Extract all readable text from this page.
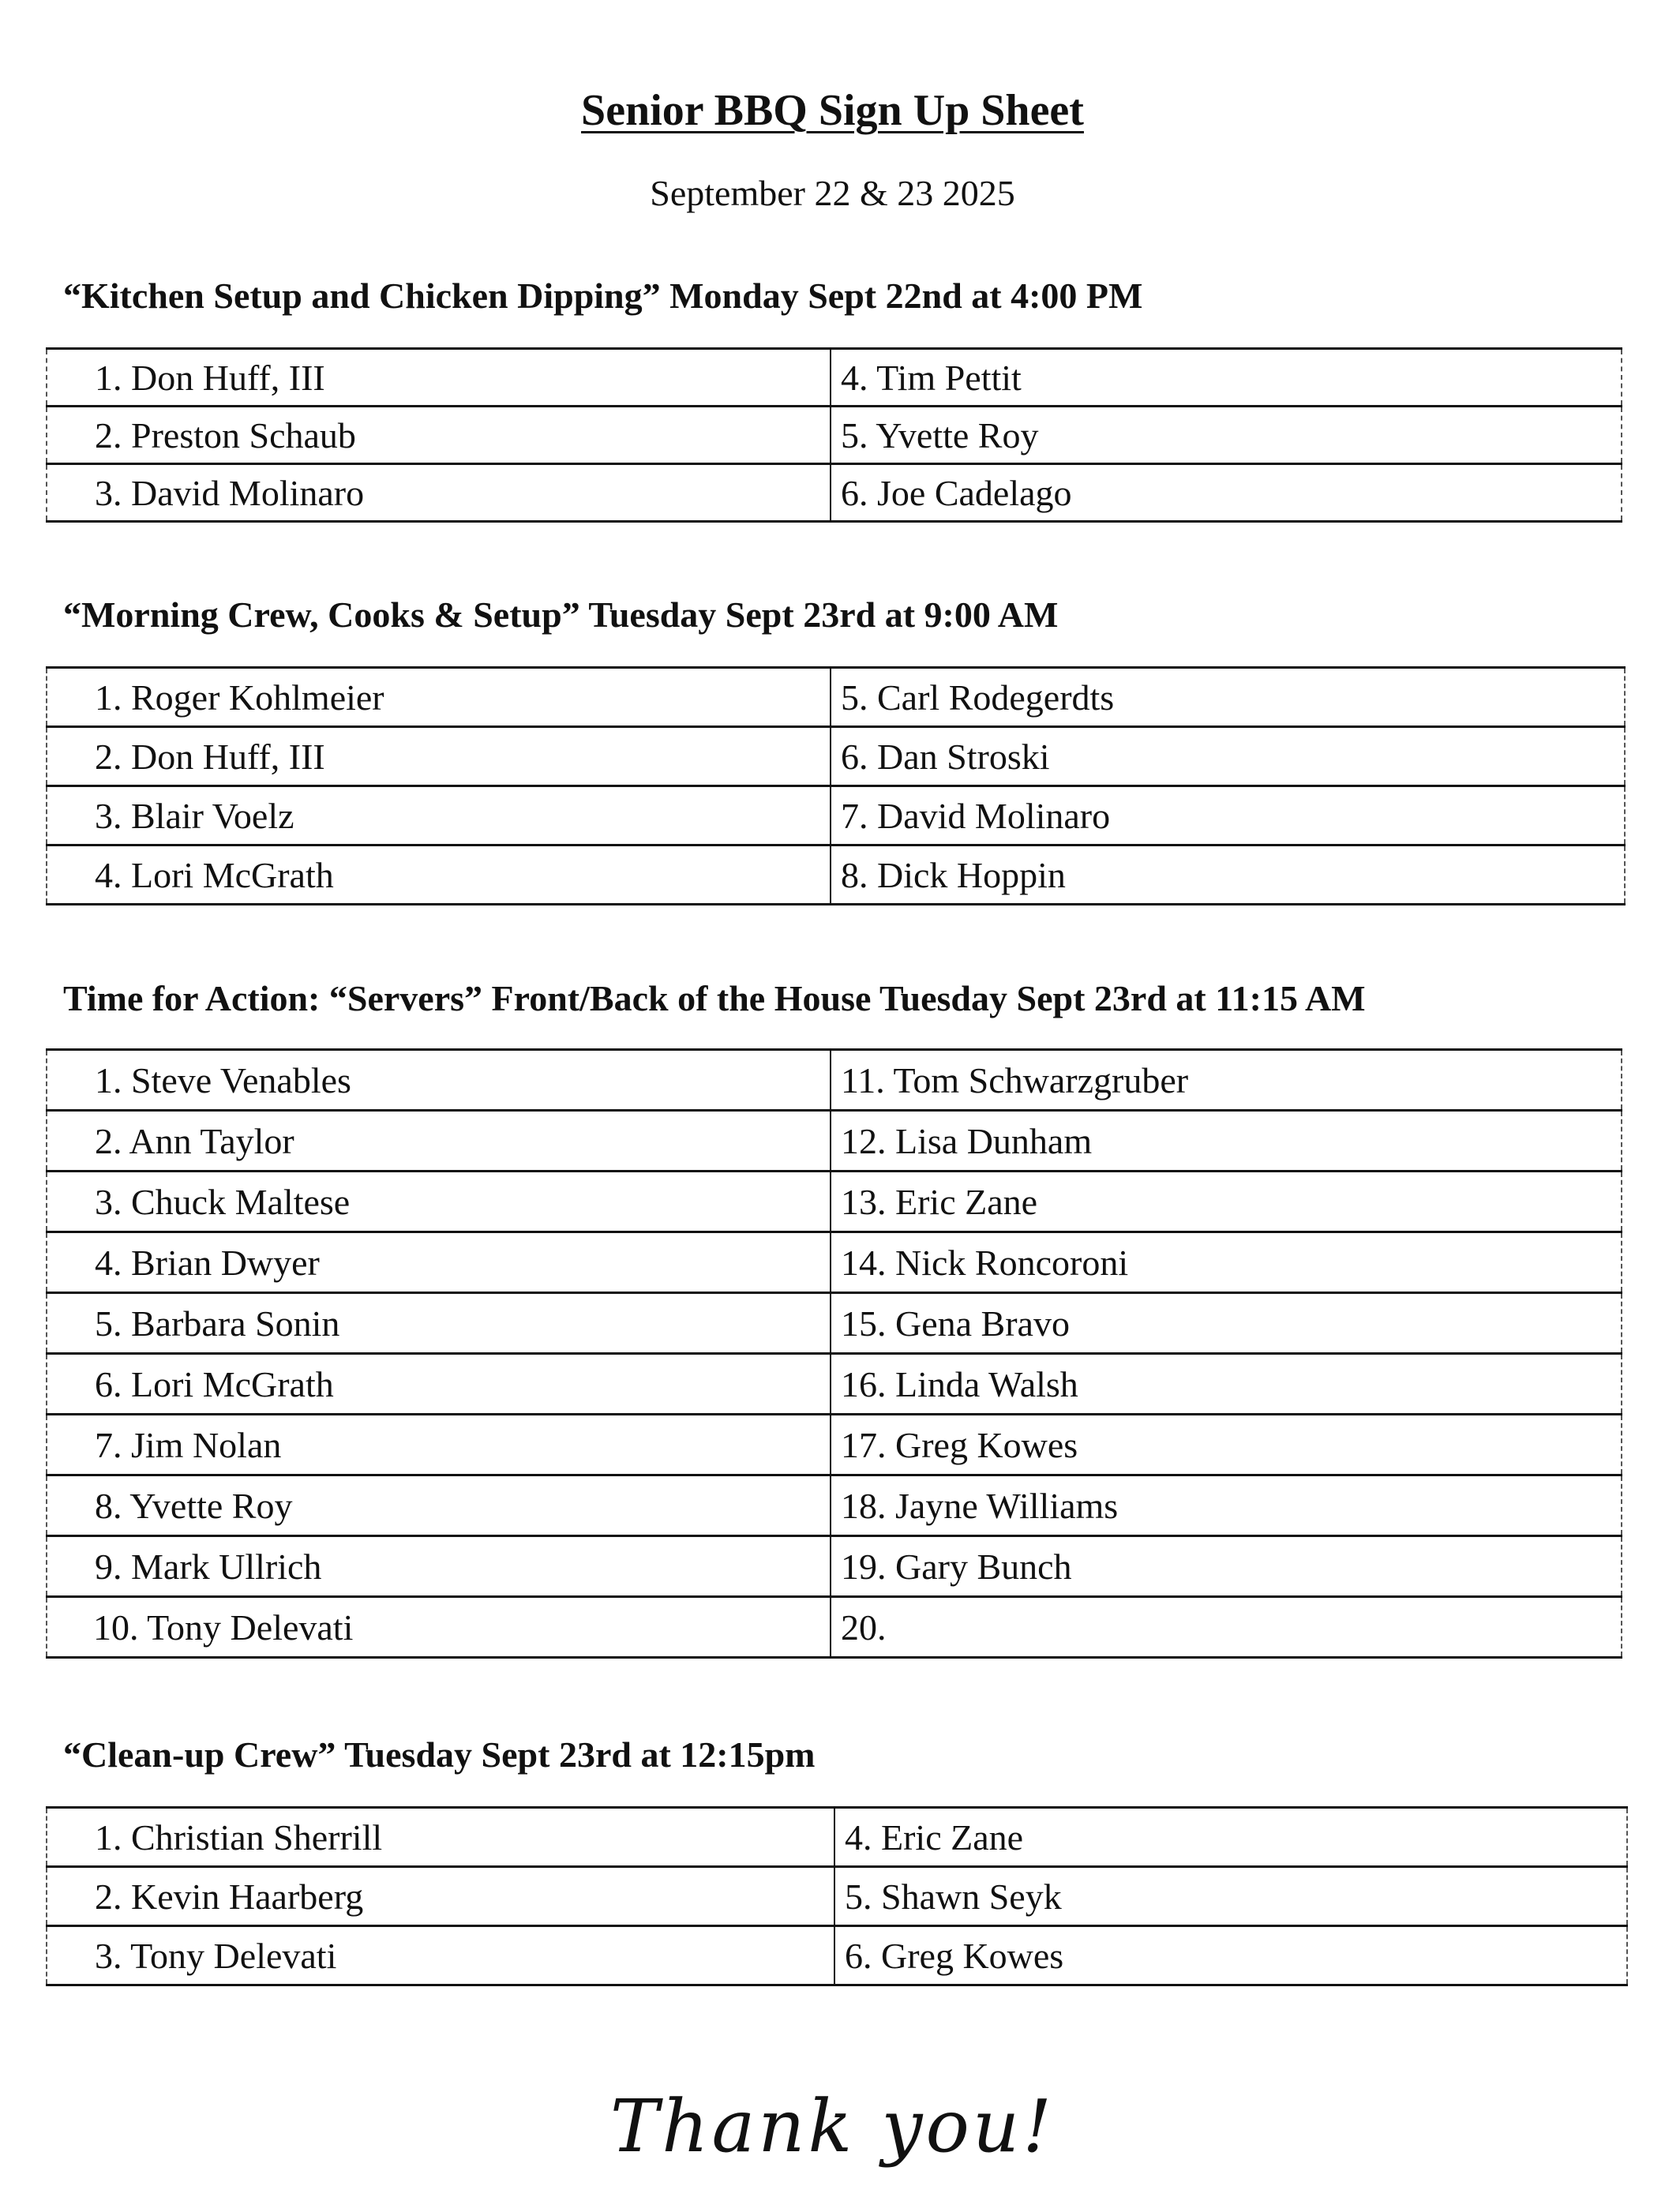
Senior BBQ Sign Up Sheet
September 22 & 23 2025
“Kitchen Setup and Chicken Dipping” Monday Sept 22nd at 4:00 PM
1. Don Huff, III	4. Tim Pettit
2. Preston Schaub	5. Yvette Roy
3. David Molinaro	6. Joe Cadelago
“Morning Crew, Cooks & Setup” Tuesday Sept 23rd at 9:00 AM
1. Roger Kohlmeier	5. Carl Rodegerdts
2. Don Huff, III	6. Dan Stroski
3. Blair Voelz	7. David Molinaro
4. Lori McGrath	8. Dick Hoppin
Time for Action: “Servers” Front/Back of the House Tuesday Sept 23rd at 11:15 AM
1. Steve Venables	11. Tom Schwarzgruber
2. Ann Taylor	12. Lisa Dunham
3. Chuck Maltese	13. Eric Zane
4. Brian Dwyer	14. Nick Roncoroni
5. Barbara Sonin	15. Gena Bravo
6. Lori McGrath	16. Linda Walsh
7. Jim Nolan	17. Greg Kowes
8. Yvette Roy	18. Jayne Williams
9. Mark Ullrich	19. Gary Bunch
10. Tony Delevati	20.
“Clean-up Crew” Tuesday Sept 23rd at 12:15pm
1. Christian Sherrill	4. Eric Zane
2. Kevin Haarberg	5. Shawn Seyk
3. Tony Delevati	6. Greg Kowes
Thank you!
